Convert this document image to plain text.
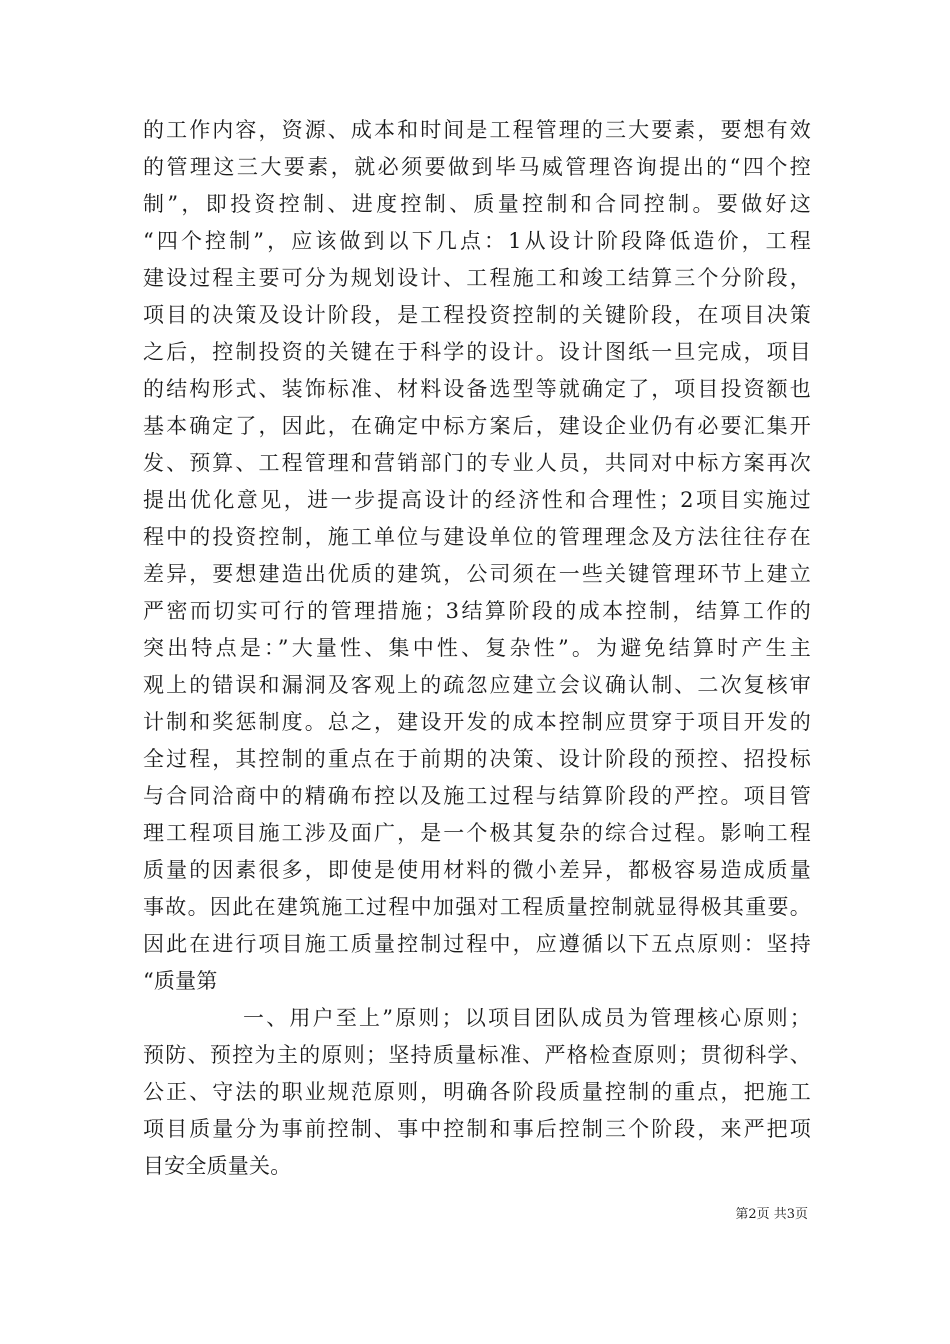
的工作内容，资源、成本和时间是工程管理的三大要素，要想有效
的管理这三大要素，就必须要做到毕马威管理咨询提出的“四个控
制”，即投资控制、进度控制、质量控制和合同控制。要做好这
“四个控制”，应该做到以下几点：1从设计阶段降低造价，工程
建设过程主要可分为规划设计、工程施工和竣工结算三个分阶段，
项目的决策及设计阶段，是工程投资控制的关键阶段，在项目决策
之后，控制投资的关键在于科学的设计。设计图纸一旦完成，项目
的结构形式、装饰标准、材料设备选型等就确定了，项目投资额也
基本确定了，因此，在确定中标方案后，建设企业仍有必要汇集开
发、预算、工程管理和营销部门的专业人员，共同对中标方案再次
提出优化意见，进一步提高设计的经济性和合理性；2项目实施过
程中的投资控制，施工单位与建设单位的管理理念及方法往往存在
差异，要想建造出优质的建筑，公司须在一些关键管理环节上建立
严密而切实可行的管理措施；3结算阶段的成本控制，结算工作的
突出特点是：”大量性、集中性、复杂性”。为避免结算时产生主
观上的错误和漏洞及客观上的疏忽应建立会议确认制、二次复核审
计制和奖惩制度。总之，建设开发的成本控制应贯穿于项目开发的
全过程，其控制的重点在于前期的决策、设计阶段的预控、招投标
与合同洽商中的精确布控以及施工过程与结算阶段的严控。项目管
理工程项目施工涉及面广，是一个极其复杂的综合过程。影响工程
质量的因素很多，即使是使用材料的微小差异，都极容易造成质量
事故。因此在建筑施工过程中加强对工程质量控制就显得极其重要。
因此在进行项目施工质量控制过程中，应遵循以下五点原则：坚持
“质量第
一、用户至上”原则；以项目团队成员为管理核心原则；
预防、预控为主的原则；坚持质量标准、严格检查原则；贯彻科学、
公正、守法的职业规范原则，明确各阶段质量控制的重点，把施工
项目质量分为事前控制、事中控制和事后控制三个阶段，来严把项
目安全质量关。
第2页 共3页
